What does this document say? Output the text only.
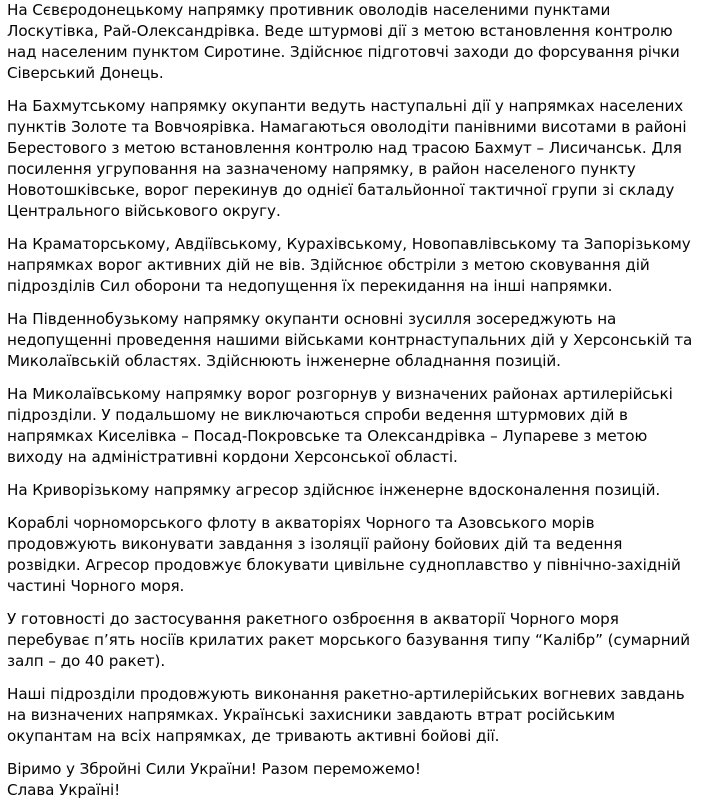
На Сєвєродонецькому напрямку противник оволодів населеними пунктами Лоскутівка, Рай-Олександрівка. Веде штурмові дії з метою встановлення контролю над населеним пунктом Сиротине. Здійснює підготовчі заходи до форсування річки Сіверський Донець.

На Бахмутському напрямку окупанти ведуть наступальні дії у напрямках населених пунктів Золоте та Вовчоярівка. Намагаються оволодіти панівними висотами в районі Берестового з метою встановлення контролю над трасою Бахмут – Лисичанськ. Для посилення угруповання на зазначеному напрямку, в район населеного пункту Новотошківське, ворог перекинув до однієї батальйонної тактичної групи зі складу Центрального військового округу.

На Краматорському, Авдіївському, Курахівському, Новопавлівському та Запорізькому напрямках ворог активних дій не вів. Здійснює обстріли з метою сковування дій підрозділів Сил оборони та недопущення їх перекидання на інші напрямки.

На Південнобузькому напрямку окупанти основні зусилля зосереджують на недопущенні проведення нашими військами контрнаступальних дій у Херсонській та Миколаївській областях. Здійснюють інженерне обладнання позицій.

На Миколаївському напрямку ворог розгорнув у визначених районах артилерійські підрозділи. У подальшому не виключаються спроби ведення штурмових дій в напрямках Киселівка – Посад-Покровське та Олександрівка – Лупареве з метою виходу на адміністративні кордони Херсонської області.

На Криворізькому напрямку агресор здійснює інженерне вдосконалення позицій.

Кораблі чорноморського флоту в акваторіях Чорного та Азовського морів продовжують виконувати завдання з ізоляції району бойових дій та ведення розвідки. Агресор продовжує блокувати цивільне судноплавство у північно-західній частині Чорного моря.

У готовності до застосування ракетного озброєння в акваторії Чорного моря перебуває п’ять носіїв крилатих ракет морського базування типу “Калібр” (сумарний залп – до 40 ракет).

Наші підрозділи продовжують виконання ракетно-артилерійських вогневих завдань на визначених напрямках. Українські захисники завдають втрат російським окупантам на всіх напрямках, де тривають активні бойові дії.

Віримо у Збройні Сили України! Разом переможемо!
Слава Україні!
